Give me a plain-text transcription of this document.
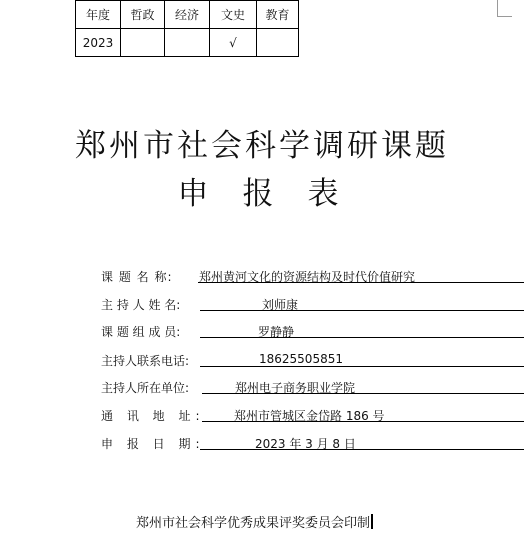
年度	哲政	经济	文史	教育
2023			√	
郑州市社会科学调研课题
申报表
课 题 名 称: 郑州黄河文化的资源结构及时代价值研究
主 持 人 姓 名:	刘师康
课 题 组 成 员:	罗静静
主持人联系电话:	18625505851
主持人所在单位:	郑州电子商务职业学院
通 讯 地 址: 郑州市管城区金岱路 186 号
申 报 日 期:	2023 年 3 月 8 日
郑州市社会科学优秀成果评奖委员会印制
